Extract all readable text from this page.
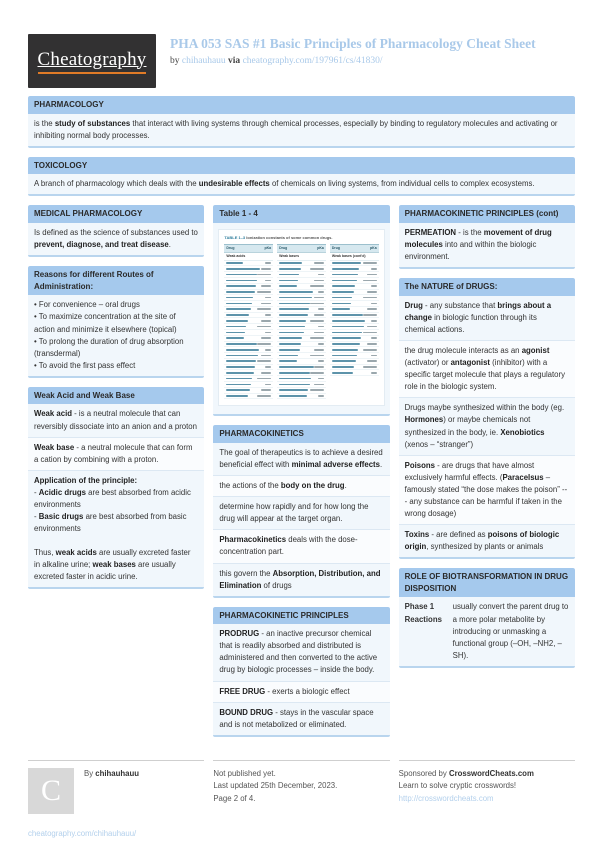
Cheatography
PHA 053 SAS #1 Basic Principles of Pharmacology Cheat Sheet
by chihauhauu via cheatography.com/197961/cs/41830/
PHARMACOLOGY
is the study of substances that interact with living systems through chemical processes, especially by binding to regulatory molecules and activating or inhibiting normal body processes.
TOXICOLOGY
A branch of pharmacology which deals with the undesirable effects of chemicals on living systems, from individual cells to complex ecosystems.
MEDICAL PHARMACOLOGY
Is defined as the science of substances used to prevent, diagnose, and treat disease.
Reasons for different Routes of Administration:
• For convenience – oral drugs
• To maximize concentration at the site of action and minimize it elsewhere (topical)
• To prolong the duration of drug absorption (transdermal)
• To avoid the first pass effect
Weak Acid and Weak Base
Weak acid - is a neutral molecule that can reversibly dissociate into an anion and a proton
Weak base - a neutral molecule that can form a cation by combining with a proton.
Application of the principle:
- Acidic drugs are best absorbed from acidic environments
- Basic drugs are best absorbed from basic environments

Thus, weak acids are usually excreted faster in alkaline urine; weak bases are usually excreted faster in acidic urine.
Table 1 - 4
TABLE 1–3 Ionization constants of some common drugs.
Drug	pKa
Weak acids
Drug	pKa
Weak bases
Drug	pKa
Weak bases (cont'd)
PHARMACOKINETICS
The goal of therapeutics is to achieve a desired beneficial effect with minimal adverse effects.
the actions of the body on the drug.
determine how rapidly and for how long the drug will appear at the target organ.
Pharmacokinetics deals with the dose-concentration part.
this govern the Absorption, Distribution, and Elimination of drugs
PHARMACOKINETIC PRINCIPLES
PRODRUG - an inactive precursor chemical that is readily absorbed and distributed is administered and then converted to the active drug by biologic processes – inside the body.
FREE DRUG - exerts a biologic effect
BOUND DRUG - stays in the vascular space and is not metabolized or eliminated.
PHARMACOKINETIC PRINCIPLES (cont)
PERMEATION - is the movement of drug molecules into and within the biologic environment.
The NATURE of DRUGS:
Drug - any substance that brings about a change in biologic function through its chemical actions.
the drug molecule interacts as an agonist (activator) or antagonist (inhibitor) with a specific target molecule that plays a regulatory role in the biologic system.
Drugs maybe synthesized within the body (eg. Hormones) or maybe chemicals not synthesized in the body, ie. Xenobiotics (xenos – “stranger”)
Poisons - are drugs that have almost exclusively harmful effects. (Paracelsus – famously stated “the dose makes the poison” --- any substance can be harmful if taken in the wrong dosage)
Toxins - are defined as poisons of biologic origin, synthesized by plants or animals
ROLE OF BIOTRANSFORMATION IN DRUG DISPOSITION
Phase 1 Reactions
usually convert the parent drug to a more polar metabolite by introducing or unmasking a functional group (–OH, –NH2, –SH).
C
By chihauhauu
cheatography.com/chihauhauu/
Not published yet.
Last updated 25th December, 2023.
Page 2 of 4.
Sponsored by CrosswordCheats.com
Learn to solve cryptic crosswords!
http://crosswordcheats.com
